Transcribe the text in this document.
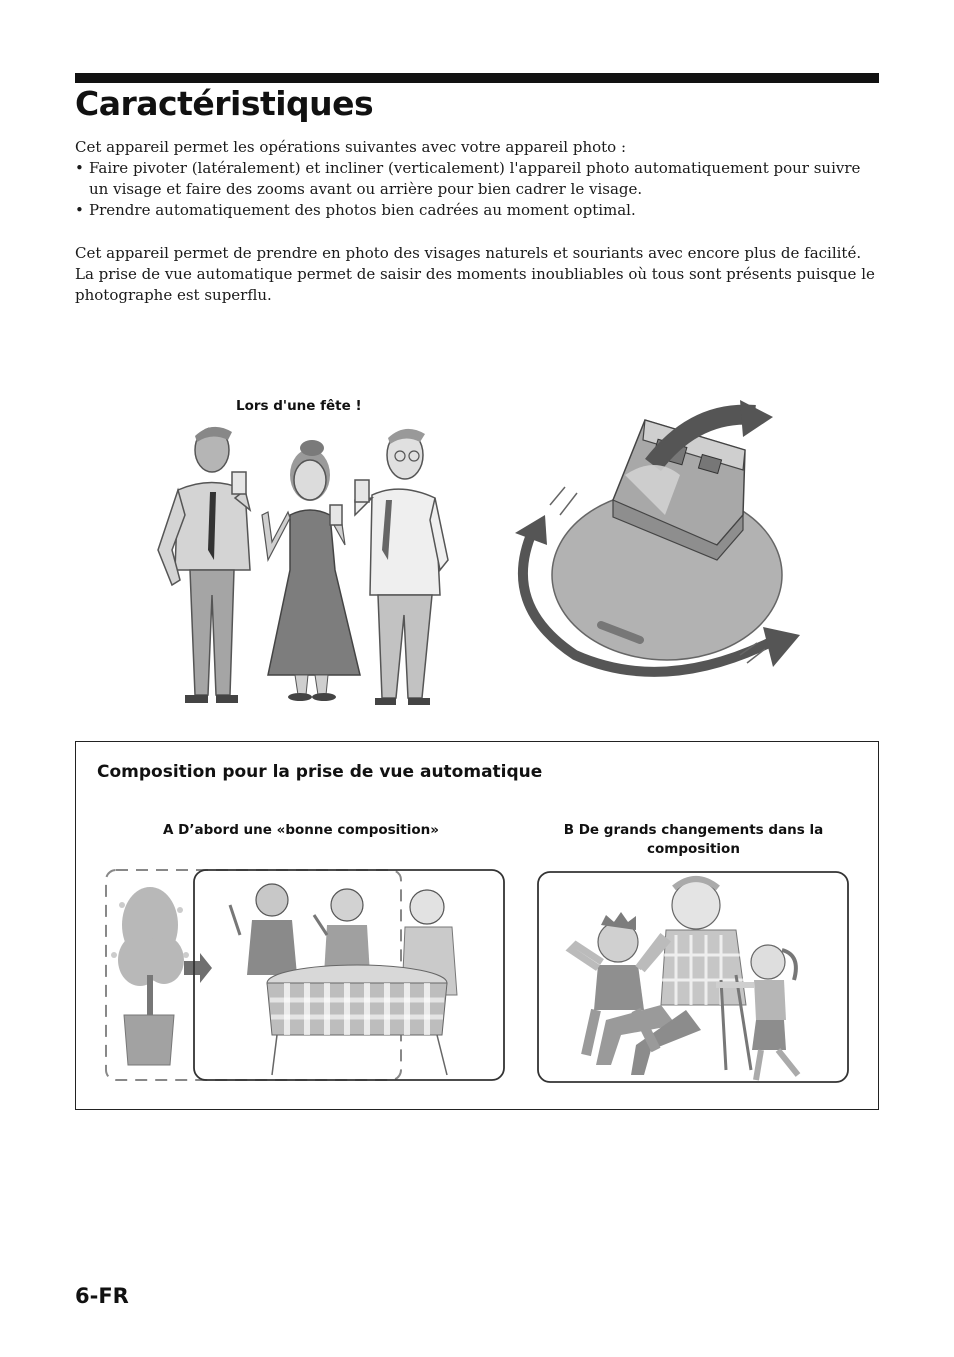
Caractéristiques
Cet appareil permet les opérations suivantes avec votre appareil photo :
• Faire pivoter (latéralement) et incliner (verticalement) l'appareil photo automatiquement pour suivre un visage et faire des zooms avant ou arrière pour bien cadrer le visage.
• Prendre automatiquement des photos bien cadrées au moment optimal.
Cet appareil permet de prendre en photo des visages naturels et souriants avec encore plus de facilité.
La prise de vue automatique permet de saisir des moments inoubliables où tous sont présents puisque le photographe est superflu.
Lors d'une fête !
Composition pour la prise de vue automatique
A D’abord une «bonne composition»	B De grands changements dans la composition
6-FR
